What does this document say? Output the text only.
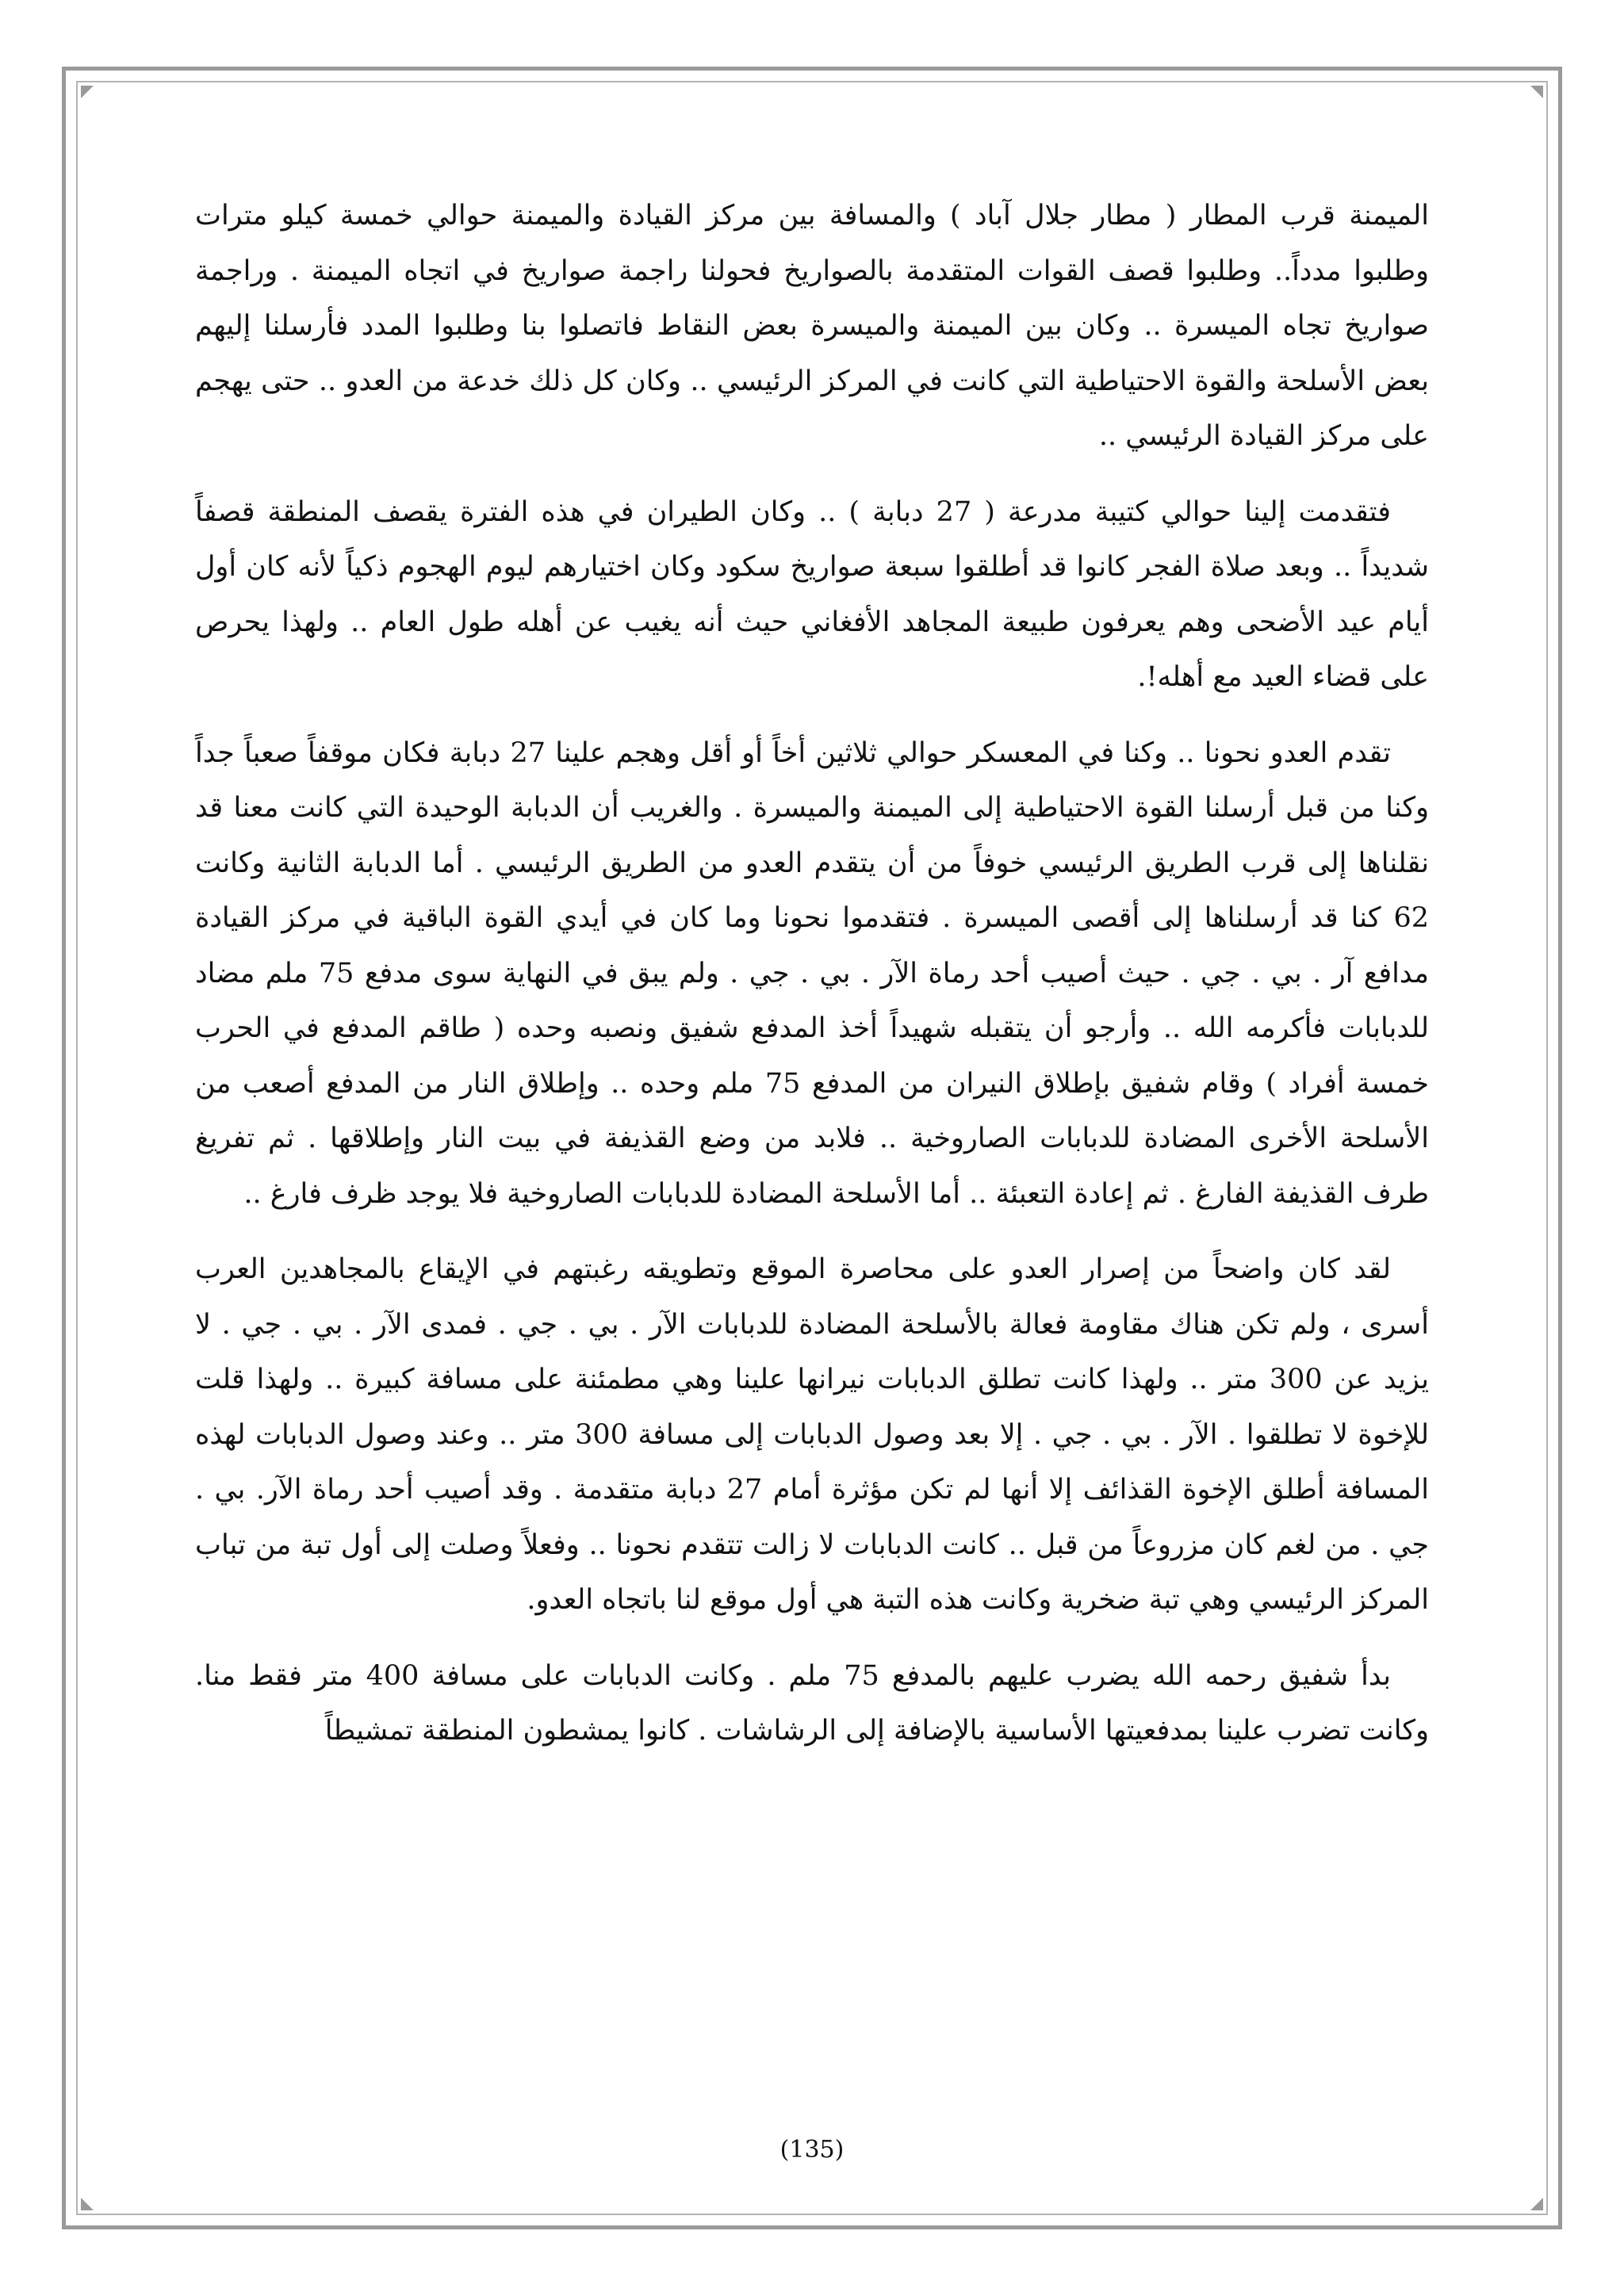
الميمنة قرب المطار ( مطار جلال آباد ) والمسافة بين مركز القيادة والميمنة حوالي خمسة كيلو مترات وطلبوا مدداً.. وطلبوا قصف القوات المتقدمة بالصواريخ فحولنا راجمة صواريخ في اتجاه الميمنة . وراجمة صواريخ تجاه الميسرة .. وكان بين الميمنة والميسرة بعض النقاط فاتصلوا بنا وطلبوا المدد فأرسلنا إليهم بعض الأسلحة والقوة الاحتياطية التي كانت في المركز الرئيسي .. وكان كل ذلك خدعة من العدو .. حتى يهجم على مركز القيادة الرئيسي ..

فتقدمت إلينا حوالي كتيبة مدرعة ( 27 دبابة ) .. وكان الطيران في هذه الفترة يقصف المنطقة قصفاً شديداً .. وبعد صلاة الفجر كانوا قد أطلقوا سبعة صواريخ سكود وكان اختيارهم ليوم الهجوم ذكياً لأنه كان أول أيام عيد الأضحى وهم يعرفون طبيعة المجاهد الأفغاني حيث أنه يغيب عن أهله طول العام .. ولهذا يحرص على قضاء العيد مع أهله!.

تقدم العدو نحونا .. وكنا في المعسكر حوالي ثلاثين أخاً أو أقل وهجم علينا 27 دبابة فكان موقفاً صعباً جداً وكنا من قبل أرسلنا القوة الاحتياطية إلى الميمنة والميسرة . والغريب أن الدبابة الوحيدة التي كانت معنا قد نقلناها إلى قرب الطريق الرئيسي خوفاً من أن يتقدم العدو من الطريق الرئيسي . أما الدبابة الثانية وكانت 62 كنا قد أرسلناها إلى أقصى الميسرة . فتقدموا نحونا وما كان في أيدي القوة الباقية في مركز القيادة مدافع آر . بي . جي . حيث أصيب أحد رماة الآر . بي . جي . ولم يبق في النهاية سوى مدفع 75 ملم مضاد للدبابات فأكرمه الله .. وأرجو أن يتقبله شهيداً أخذ المدفع شفيق ونصبه وحده ( طاقم المدفع في الحرب خمسة أفراد ) وقام شفيق بإطلاق النيران من المدفع 75 ملم وحده .. وإطلاق النار من المدفع أصعب من الأسلحة الأخرى المضادة للدبابات الصاروخية .. فلابد من وضع القذيفة في بيت النار وإطلاقها . ثم تفريغ طرف القذيفة الفارغ . ثم إعادة التعبئة .. أما الأسلحة المضادة للدبابات الصاروخية فلا يوجد ظرف فارغ ..

لقد كان واضحاً من إصرار العدو على محاصرة الموقع وتطويقه رغبتهم في الإيقاع بالمجاهدين العرب أسرى ، ولم تكن هناك مقاومة فعالة بالأسلحة المضادة للدبابات الآر . بي . جي . فمدى الآر . بي . جي . لا يزيد عن 300 متر .. ولهذا كانت تطلق الدبابات نيرانها علينا وهي مطمئنة على مسافة كبيرة .. ولهذا قلت للإخوة لا تطلقوا . الآر . بي . جي . إلا بعد وصول الدبابات إلى مسافة 300 متر .. وعند وصول الدبابات لهذه المسافة أطلق الإخوة القذائف إلا أنها لم تكن مؤثرة أمام 27 دبابة متقدمة . وقد أصيب أحد رماة الآر. بي . جي . من لغم كان مزروعاً من قبل .. كانت الدبابات لا زالت تتقدم نحونا .. وفعلاً وصلت إلى أول تبة من تباب المركز الرئيسي وهي تبة ضخرية وكانت هذه التبة هي أول موقع لنا باتجاه العدو.

بدأ شفيق رحمه الله يضرب عليهم بالمدفع 75 ملم . وكانت الدبابات على مسافة 400 متر فقط منا. وكانت تضرب علينا بمدفعيتها الأساسية بالإضافة إلى الرشاشات . كانوا يمشطون المنطقة تمشيطاً

(135)
